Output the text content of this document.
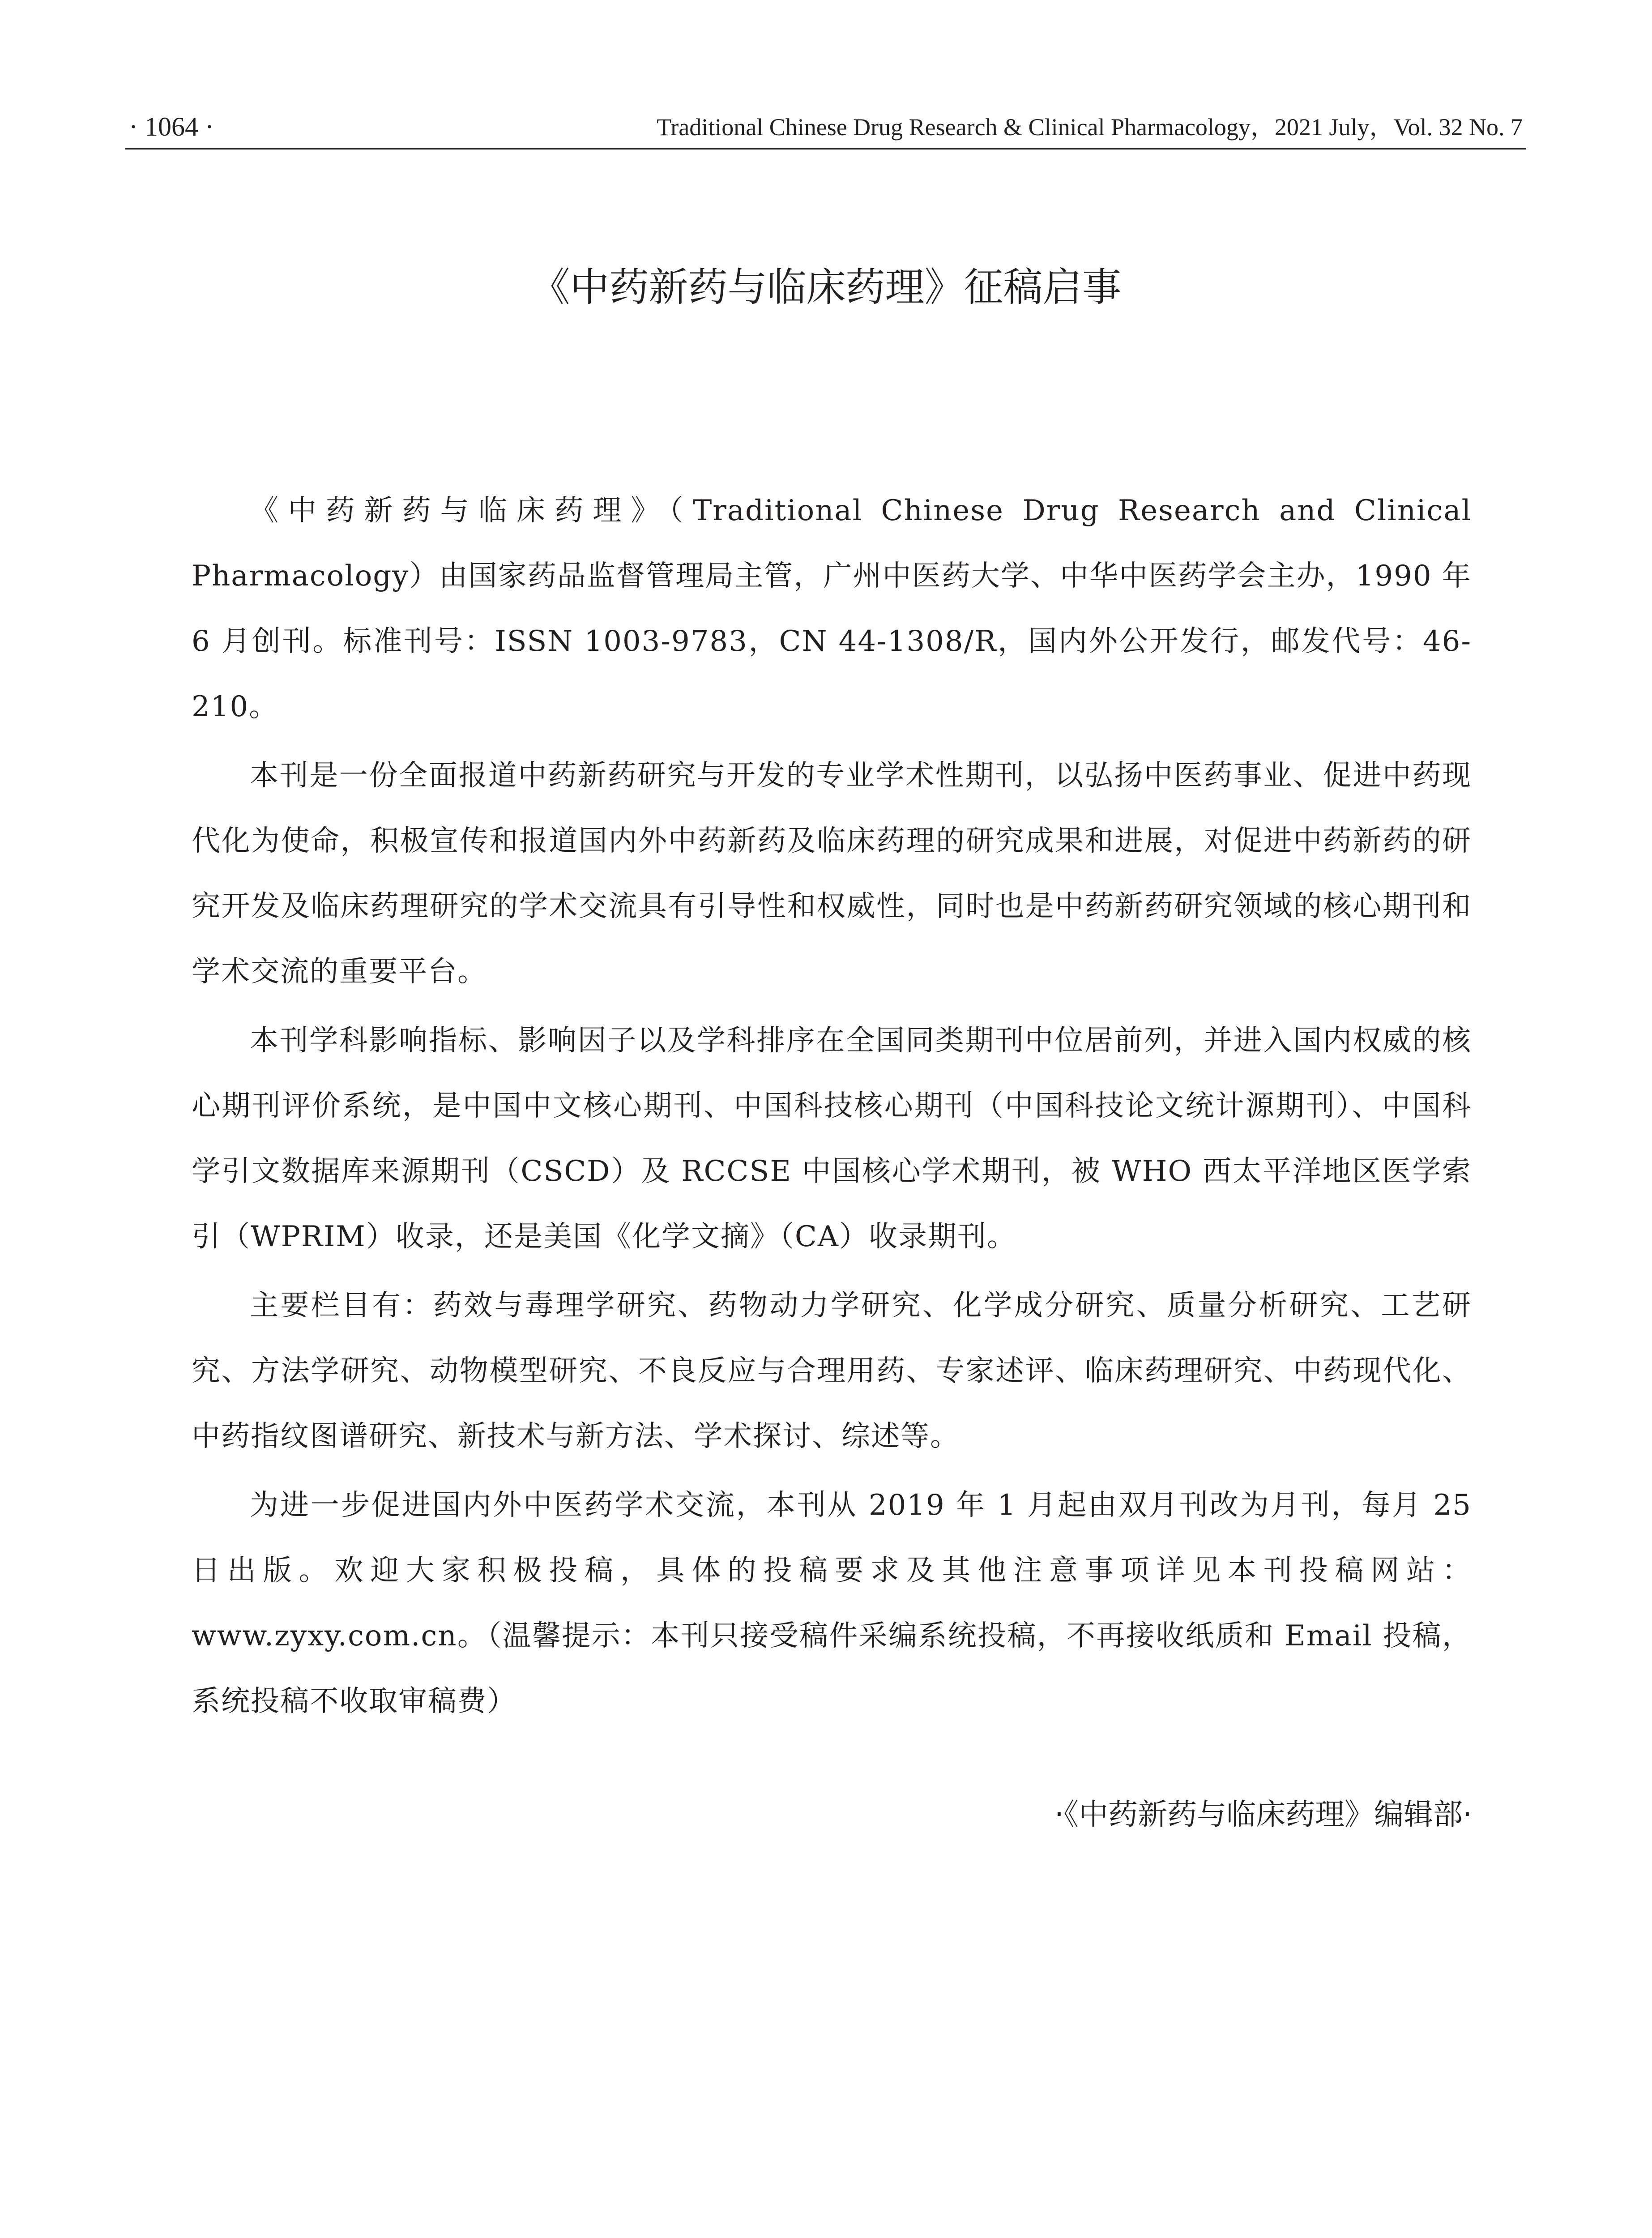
· 1064 ·	Traditional Chinese Drug Research & Clinical Pharmacology，2021 July，Vol. 32 No. 7
《中药新药与临床药理》征稿启事

《中药新药与临床药理》（Traditional Chinese Drug Research and Clinical Pharmacology）由国家药品监督管理局主管，广州中医药大学、中华中医药学会主办，1990 年 6 月创刊。标准刊号：ISSN 1003-9783，CN 44-1308/R，国内外公开发行，邮发代号：46-210。

本刊是一份全面报道中药新药研究与开发的专业学术性期刊，以弘扬中医药事业、促进中药现代化为使命，积极宣传和报道国内外中药新药及临床药理的研究成果和进展，对促进中药新药的研究开发及临床药理研究的学术交流具有引导性和权威性，同时也是中药新药研究领域的核心期刊和学术交流的重要平台。

本刊学科影响指标、影响因子以及学科排序在全国同类期刊中位居前列，并进入国内权威的核心期刊评价系统，是中国中文核心期刊、中国科技核心期刊（中国科技论文统计源期刊）、中国科学引文数据库来源期刊（CSCD）及 RCCSE 中国核心学术期刊，被 WHO 西太平洋地区医学索引（WPRIM）收录，还是美国《化学文摘》（CA）收录期刊。

主要栏目有：药效与毒理学研究、药物动力学研究、化学成分研究、质量分析研究、工艺研究、方法学研究、动物模型研究、不良反应与合理用药、专家述评、临床药理研究、中药现代化、中药指纹图谱研究、新技术与新方法、学术探讨、综述等。

为进一步促进国内外中医药学术交流，本刊从 2019 年 1 月起由双月刊改为月刊，每月 25 日出版。欢迎大家积极投稿，具体的投稿要求及其他注意事项详见本刊投稿网站：www.zyxy.com.cn。（温馨提示：本刊只接受稿件采编系统投稿，不再接收纸质和 Email 投稿，系统投稿不收取审稿费）

·《中药新药与临床药理》编辑部·
